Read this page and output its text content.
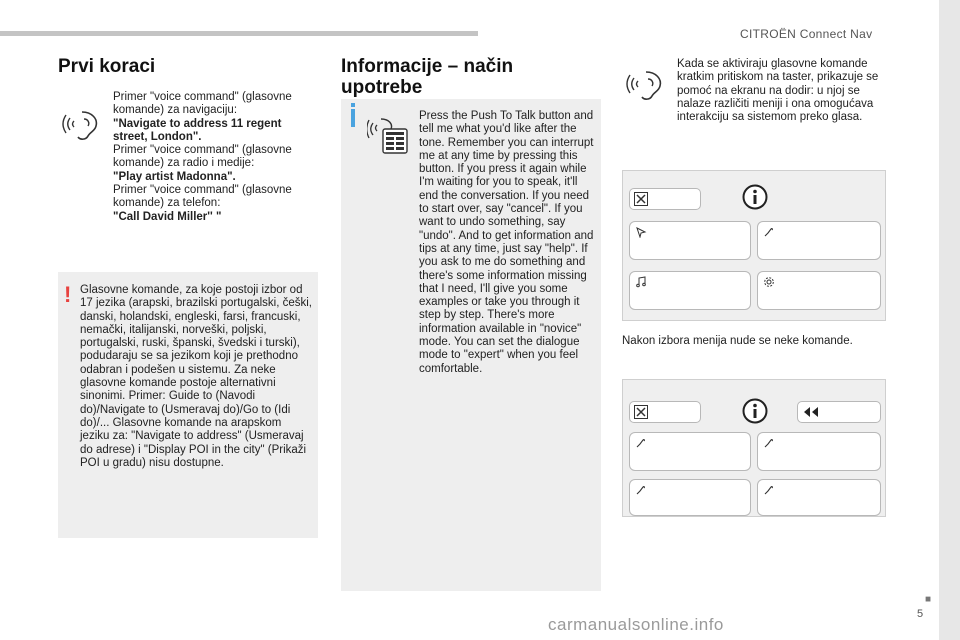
CITROËN Connect Nav
■
5
carmanualsonline.info
Prvi koraci
Primer "voice command" (glasovne komande) za navigaciju:
"Navigate to address 11 regent street, London".
Primer "voice command" (glasovne komande) za radio i medije:
"Play artist Madonna".
Primer "voice command" (glasovne komande) za telefon:
"Call David Miller'' "
! Glasovne komande, za koje postoji izbor od 17 jezika (arapski, brazilski portugalski, češki, danski, holandski, engleski, farsi, francuski, nemački, italijanski, norveški, poljski, portugalski, ruski, španski, švedski i turski), podudaraju se sa jezikom koji je prethodno odabran i podešen u sistemu. Za neke glasovne komande postoje alternativni sinonimi. Primer: Guide to (Navodi do)/Navigate to (Usmeravaj do)/Go to (Idi do)/... Glasovne komande na arapskom jeziku za: "Navigate to address" (Usmeravaj do adrese) i "Display POI in the city" (Prikaži POI u gradu) nisu dostupne.
Informacije – način upotrebe
Press the Push To Talk button and tell me what you'd like after the tone. Remember you can interrupt me at any time by pressing this button. If you press it again while I'm waiting for you to speak, it'll end the conversation. If you need to start over, say "cancel". If you want to undo something, say "undo". And to get information and tips at any time, just say "help". If you ask to me do something and there's some information missing that I need, I'll give you some examples or take you through it step by step. There's more information available in "novice" mode. You can set the dialogue mode to "expert" when you feel comfortable.
Kada se aktiviraju glasovne komande kratkim pritiskom na taster, prikazuje se pomoć na ekranu na dodir: u njoj se nalaze različiti meniji i ona omogućava interakciju sa sistemom preko glasa.
Nakon izbora menija nude se neke komande.
